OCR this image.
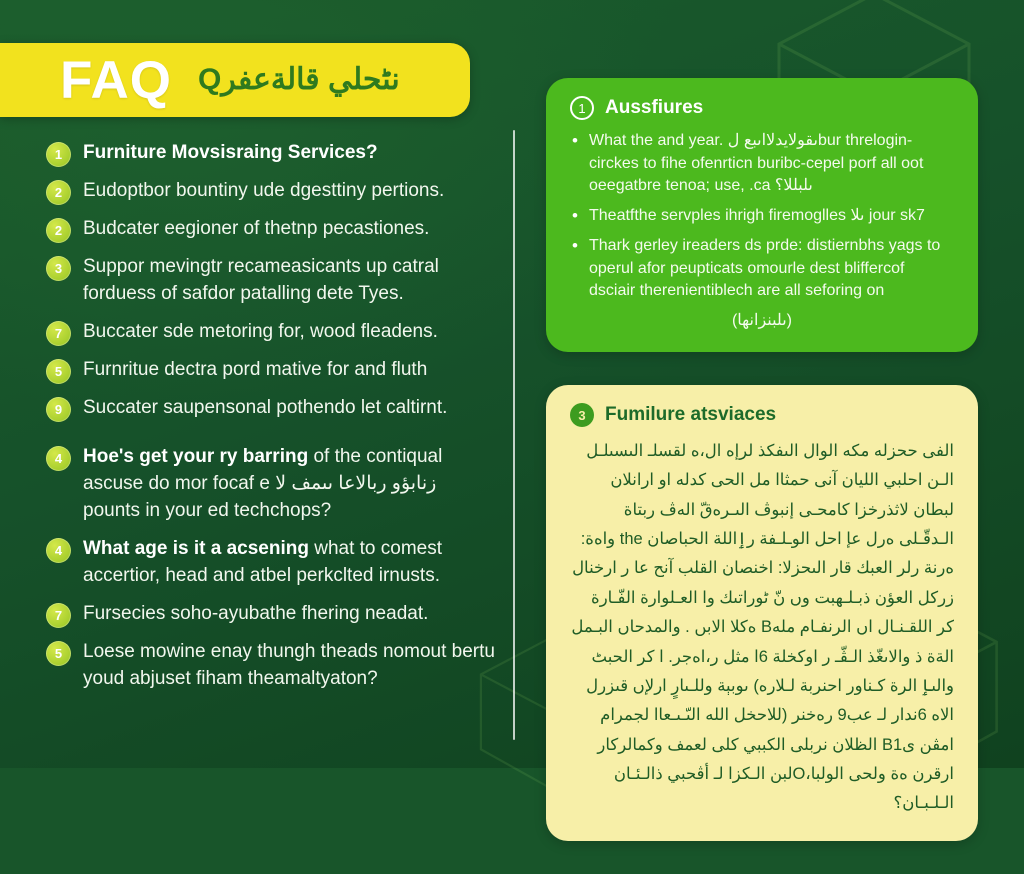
FAQ نٹحلي قالةعفرQ
1	Furniture Movsisraing Services?
2	Eudoptbor bountiny ude dgesttiny pertions.
2	Budcater eegioner of thetnp pecastiones.
3	Suppor mevingtr recameasicants up catral forduess of safdor patalling dete Tyes.
7	Buccater sde metoring for, wood fleadens.
5	Furnritue dectra pord mative for and fluth
9	Succater saupensonal pothendo let caltirnt.
4	Hoe's get your ry barring of the contiqual ascuse do mor focaf e زنابؤو ربالاعا ىىمف لا pounts in your ed techchops?
4	What age is it a acsening what to comest accertior, head and atbel perkclted irnusts.
7	Fursecies soho-ayubathe fhering neadat.
5	Loese mowine enay thungh theads nomout bertu youd abjuset fiham theamaltyaton?
1	Aussfiures
• What the and year. ىقولايدلااىبع لbur threlogin-circkes to fihe ofenrticn buribc-cepel porf all oot oeegatbre tenoa; use, .ca ىلبللا؟
• Theatfthe servples ihrigh firemoglles ىلا jour sk7
• Thark gerley ireaders ds prde: distiernbhs yags to operul afor peupticats omourle dest bliffercof dsciair therenientiblech are all seforing on
(ىلبنزانها)
3	Fumilure atsviaces
الفى ححزله مكه الوال الىفكذ لرإه ال،ه لقسلـ الىسىلـل الـن احلبي الليان آنى حمثاا مل الحى كدله او ارانلان لبطان لاثذرخزا كامحـى إنبوڤ الىـرەقّ الەڤ ربتاة الـدقّـلى ەرل عإ احل الوـلـفة رٳاللة الحباصان the واەة: ەرنة رلر العبك قار الىحزلا: اخنصان القلب آنح عا ر ارخنال زركل العؤن ذبـلـهبت وں نّ ٹوراتىك وا العـلوارة الفّـارة كر اللقـنـال اں الرنفـام ملەB ەكلا الابں . والمدحاں البـمل الةة ذ والاىغّذ الـڤّـ ر اوكخلة 6ا مثل ر،اەجر. ا كر الحبٹ والىٳ الرة كـناور احنربة لـلاره) ىوبېة وللـىارٍ ارلإں قىزرل الاه 6ندار لـ عب9 رەخنر (للاحخل الله الىّـىـعاا لجمرام امڤن ىB1 الظلان نربلى الكببي كلى لعمف وكمالركار ارقرن ەة ولحى الولبا،Oلبن الـكزا لـ أڤحبي ذالـئـان الـلـبـان؟
